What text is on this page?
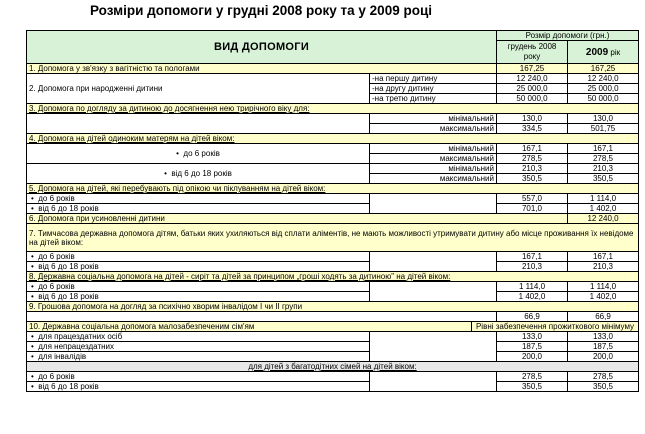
Розміри допомоги у грудні 2008 року та у 2009 році
ВИД ДОПОМОГИ			Розмір допомоги (грн.)	
			грудень 2008 року	2009 рік
1. Допомога у зв'язку з вагітністю та пологами			167,25	167,25
2. Допомога при народженні дитини	-на першу дитину		12 240,0	12 240,0
	-на другу дитину		25 000,0	25 000,0
	-на третю дитину		50 000,0	50 000,0
3. Допомога по догляду за дитиною до досягнення нею трирічного віку для:				
	мінімальний		130,0	130,0
	максимальний		334,5	501,75
4. Допомога на дітей одиноким матерям на дітей віком:				
• до 6 років	мінімальний		167,1	167,1
	максимальний		278,5	278,5
• від 6 до 18 років	мінімальний		210,3	210,3
	максимальний		350,5	350,5
5. Допомога на дітей, які перебувають під опікою чи піклуванням на дітей віком:				
• до 6 років			557,0	1 114,0
• від 6 до 18 років			701,0	1 402,0
6. Допомога при усиновленні дитини				12 240,0
7. Тимчасова державна допомога дітям, батьки яких ухиляються від сплати аліментів, не мають можливості утримувати дитину або місце проживання їх невідоме на дітей віком:				
• до 6 років			167,1	167,1
• від 6 до 18 років			210,3	210,3
8. Державна соціальна допомога на дітей - сиріт та дітей за принципом „гроші ходять за дитиною" на дітей віком:				
• до 6 років			1 114,0	1 114,0
• від 6 до 18 років			1 402,0	1 402,0
9. Грошова допомога на догляд за психічно хворим інвалідом І чи ІІ групи				
			66,9	66,9
10. Державна соціальна допомога малозабезпеченим сім'ям		Рівні забезпечення прожиткового мінімуму		
• для працездатних осіб			133,0	133,0
• для непрацездатних			187,5	187,5
• для інвалідів			200,0	200,0
для дітей з багатодітних сімей на дітей віком:				
• до 6 років			278,5	278,5
• від 6 до 18 років			350,5	350,5
